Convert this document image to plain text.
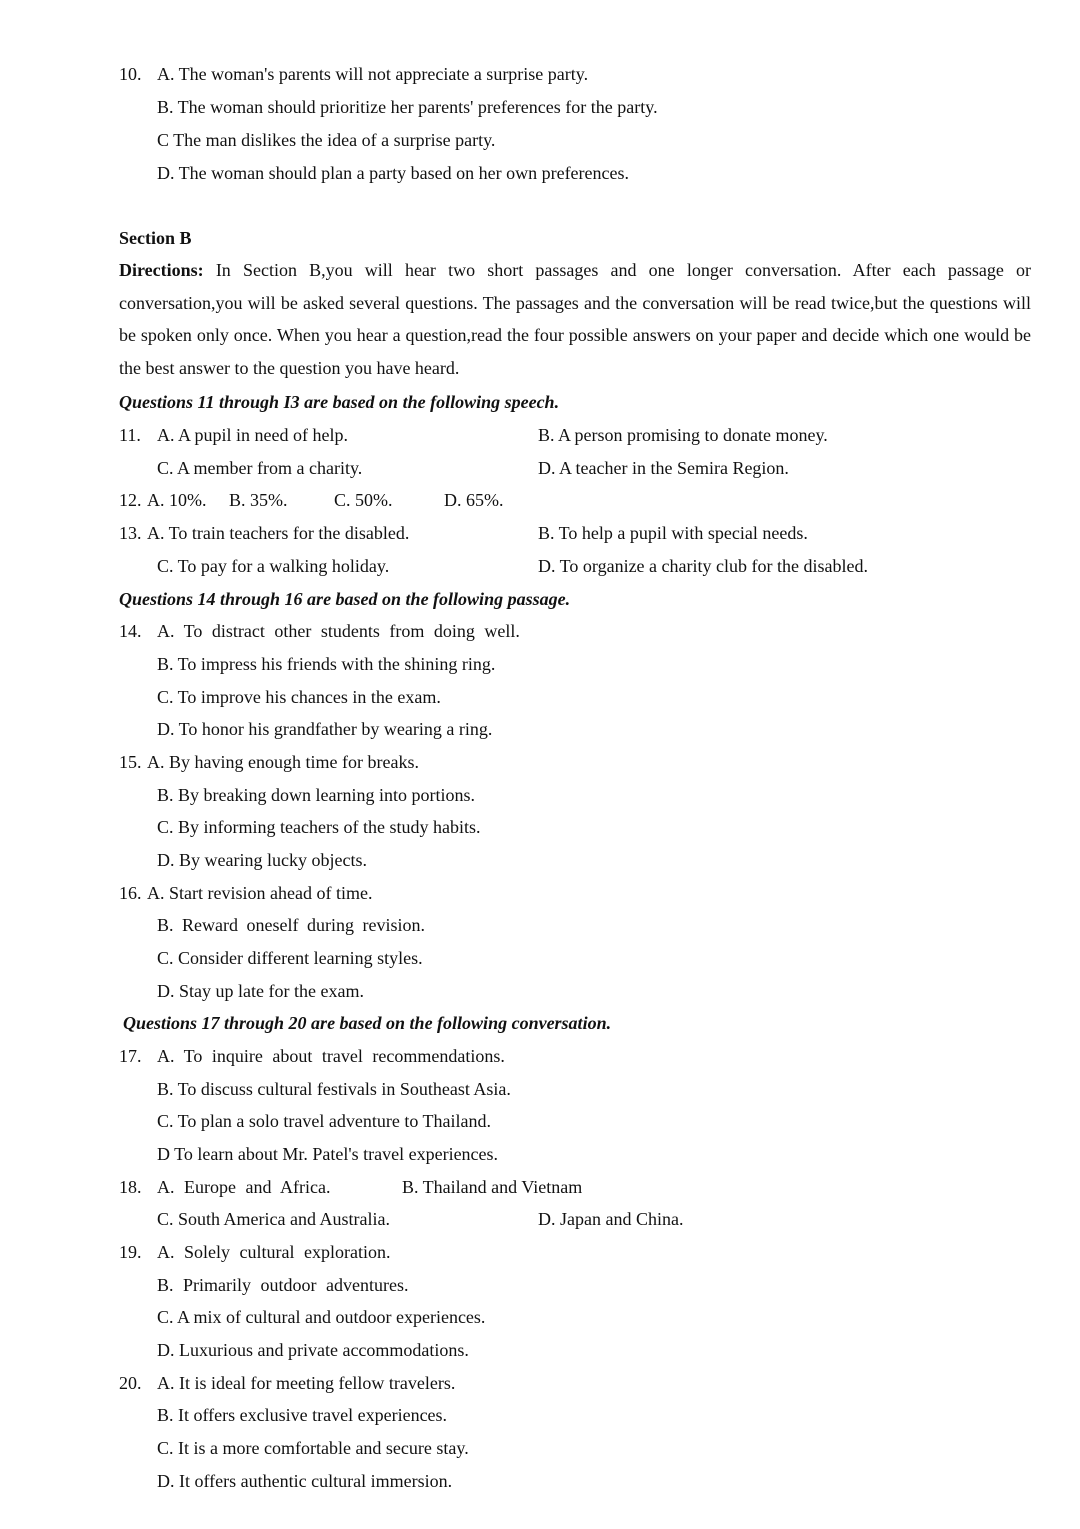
10. A. The woman's parents will not appreciate a surprise party.
B. The woman should prioritize her parents' preferences for the party.
C The man dislikes the idea of a surprise party.
D. The woman should plan a party based on her own preferences.
Section B
Directions: In Section B,you will hear two short passages and one longer conversation. After each passage or conversation,you will be asked several questions. The passages and the conversation will be read twice,but the questions will be spoken only once. When you hear a question,read the four possible answers on your paper and decide which one would be the best answer to the question you have heard.
Questions 11 through I3 are based on the following speech.
11. A. A pupil in need of help.	B. A person promising to donate money.
C. A member from a charity.	D. A teacher in the Semira Region.
12. A. 10%. B. 35%.	C. 50%.	D. 65%.
13. A. To train teachers for the disabled.	B. To help a pupil with special needs.
C. To pay for a walking holiday.	D. To organize a charity club for the disabled.
Questions 14 through 16 are based on the following passage.
14. A. To distract other students from doing well.
B. To impress his friends with the shining ring.
C. To improve his chances in the exam.
D. To honor his grandfather by wearing a ring.
15. A. By having enough time for breaks.
B. By breaking down learning into portions.
C. By informing teachers of the study habits.
D. By wearing lucky objects.
16. A. Start revision ahead of time.
B. Reward oneself during revision.
C. Consider different learning styles.
D. Stay up late for the exam.
Questions 17 through 20 are based on the following conversation.
17. A. To inquire about travel recommendations.
B. To discuss cultural festivals in Southeast Asia.
C. To plan a solo travel adventure to Thailand.
D To learn about Mr. Patel's travel experiences.
18. A. Europe and Africa.	B. Thailand and Vietnam
C. South America and Australia.	D. Japan and China.
19. A. Solely cultural exploration.
B. Primarily outdoor adventures.
C. A mix of cultural and outdoor experiences.
D. Luxurious and private accommodations.
20. A. It is ideal for meeting fellow travelers.
B. It offers exclusive travel experiences.
C. It is a more comfortable and secure stay.
D. It offers authentic cultural immersion.
